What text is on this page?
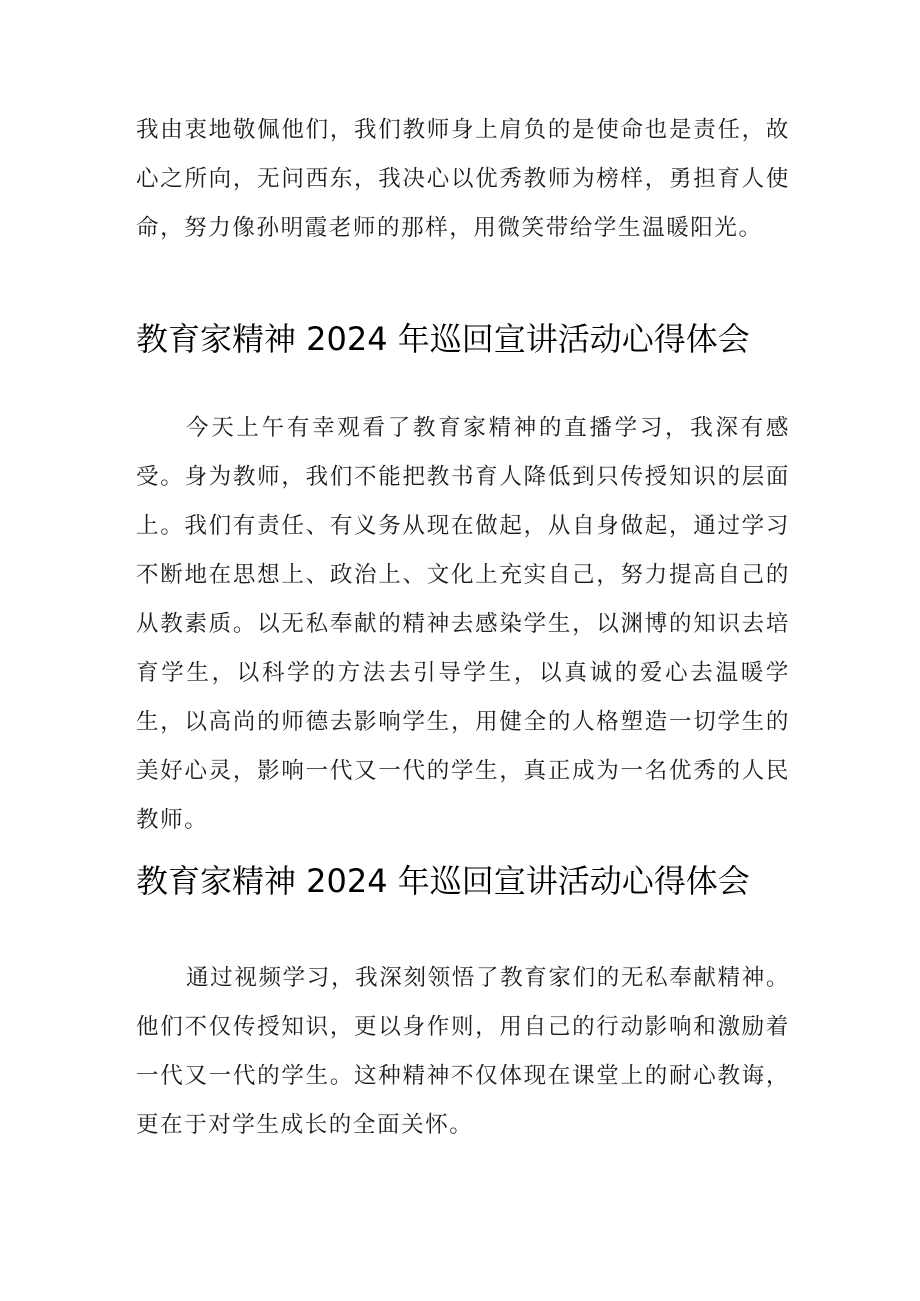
我由衷地敬佩他们，我们教师身上肩负的是使命也是责任，故心之所向，无问西东，我决心以优秀教师为榜样，勇担育人使命，努力像孙明霞老师的那样，用微笑带给学生温暖阳光。

教育家精神 2024 年巡回宣讲活动心得体会

今天上午有幸观看了教育家精神的直播学习，我深有感受。身为教师，我们不能把教书育人降低到只传授知识的层面上。我们有责任、有义务从现在做起，从自身做起，通过学习不断地在思想上、政治上、文化上充实自己，努力提高自己的从教素质。以无私奉献的精神去感染学生，以渊博的知识去培育学生，以科学的方法去引导学生，以真诚的爱心去温暖学生，以高尚的师德去影响学生，用健全的人格塑造一切学生的美好心灵，影响一代又一代的学生，真正成为一名优秀的人民教师。

教育家精神 2024 年巡回宣讲活动心得体会

通过视频学习，我深刻领悟了教育家们的无私奉献精神。他们不仅传授知识，更以身作则，用自己的行动影响和激励着一代又一代的学生。这种精神不仅体现在课堂上的耐心教诲，更在于对学生成长的全面关怀。
